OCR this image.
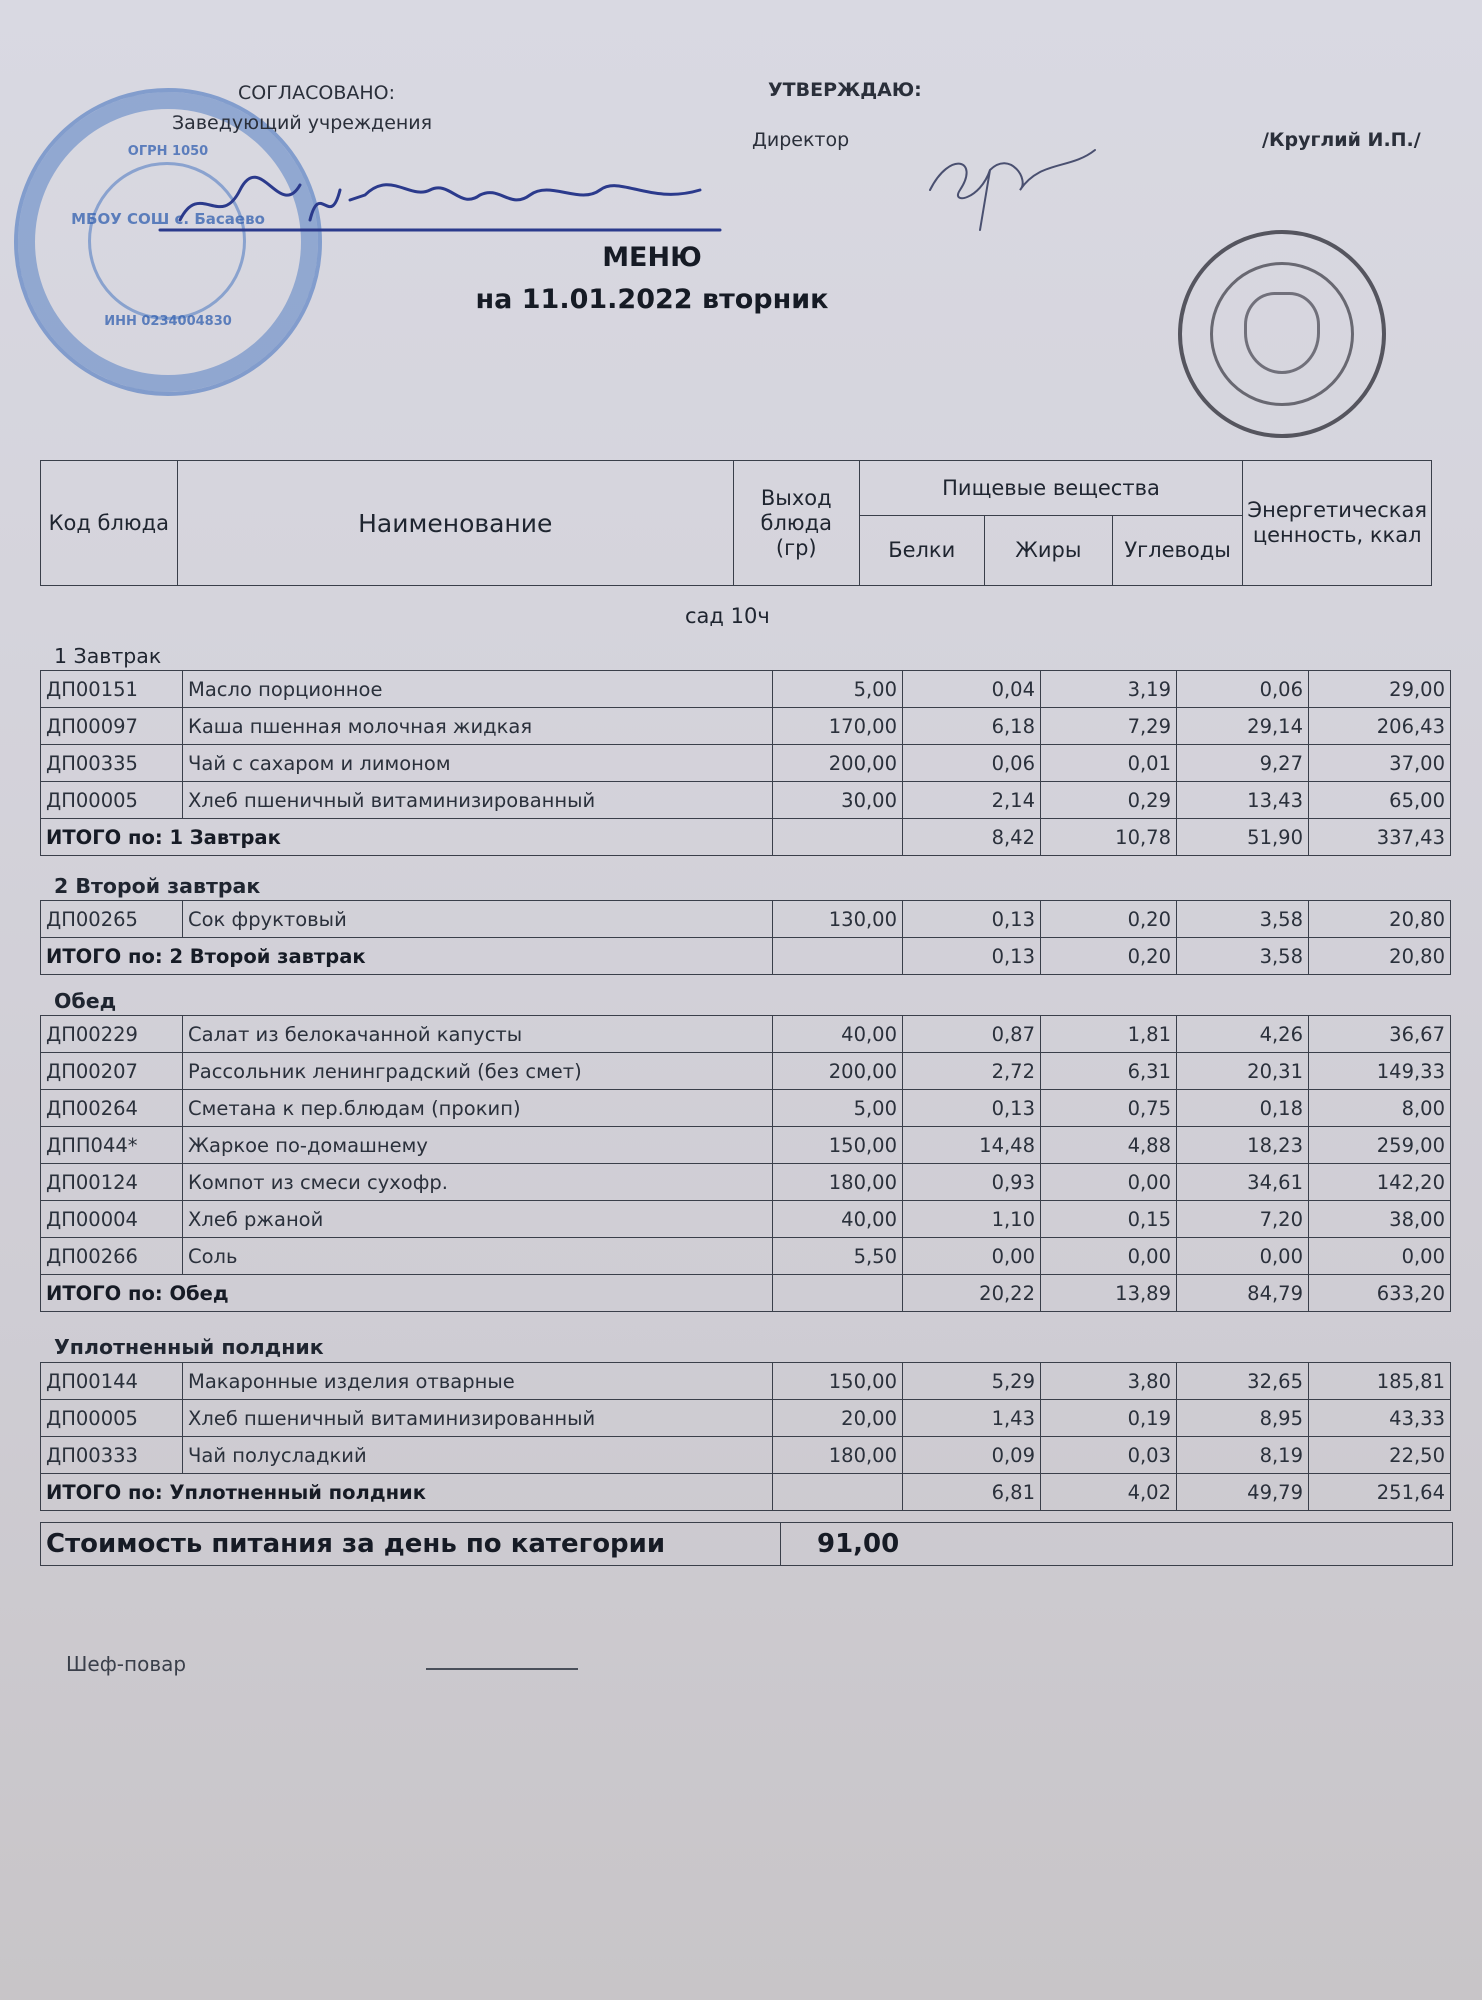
ОГРН 1050
МБОУ СОШ с. Басаево
ИНН 0234004830
СОГЛАСОВАНО:
Заведующий учреждения
УТВЕРЖДАЮ:
Директор	/Круглий И.П./
МЕНЮ
на 11.01.2022 вторник
Код блюда	Наименование	Выход блюда (гр)	Пищевые вещества			Энергетическая ценность, ккал
			Белки	Жиры	Углеводы	
сад 10ч
1 Завтрак
ДП00151	Масло порционное	5,00	0,04	3,19	0,06	29,00
ДП00097	Каша пшенная молочная жидкая	170,00	6,18	7,29	29,14	206,43
ДП00335	Чай с сахаром и лимоном	200,00	0,06	0,01	9,27	37,00
ДП00005	Хлеб пшеничный витаминизированный	30,00	2,14	0,29	13,43	65,00
ИТОГО по: 1 Завтрак			8,42	10,78	51,90	337,43
2 Второй завтрак
ДП00265	Сок фруктовый	130,00	0,13	0,20	3,58	20,80
ИТОГО по: 2 Второй завтрак			0,13	0,20	3,58	20,80
Обед
ДП00229	Салат из белокачанной капусты	40,00	0,87	1,81	4,26	36,67
ДП00207	Рассольник ленинградский (без смет)	200,00	2,72	6,31	20,31	149,33
ДП00264	Сметана к пер.блюдам (прокип)	5,00	0,13	0,75	0,18	8,00
ДПП044*	Жаркое по-домашнему	150,00	14,48	4,88	18,23	259,00
ДП00124	Компот из смеси сухофр.	180,00	0,93	0,00	34,61	142,20
ДП00004	Хлеб ржаной	40,00	1,10	0,15	7,20	38,00
ДП00266	Соль	5,50	0,00	0,00	0,00	0,00
ИТОГО по: Обед			20,22	13,89	84,79	633,20
Уплотненный полдник
ДП00144	Макаронные изделия отварные	150,00	5,29	3,80	32,65	185,81
ДП00005	Хлеб пшеничный витаминизированный	20,00	1,43	0,19	8,95	43,33
ДП00333	Чай полусладкий	180,00	0,09	0,03	8,19	22,50
ИТОГО по: Уплотненный полдник			6,81	4,02	49,79	251,64
Стоимость питания за день по категории	91,00
Шеф-повар
